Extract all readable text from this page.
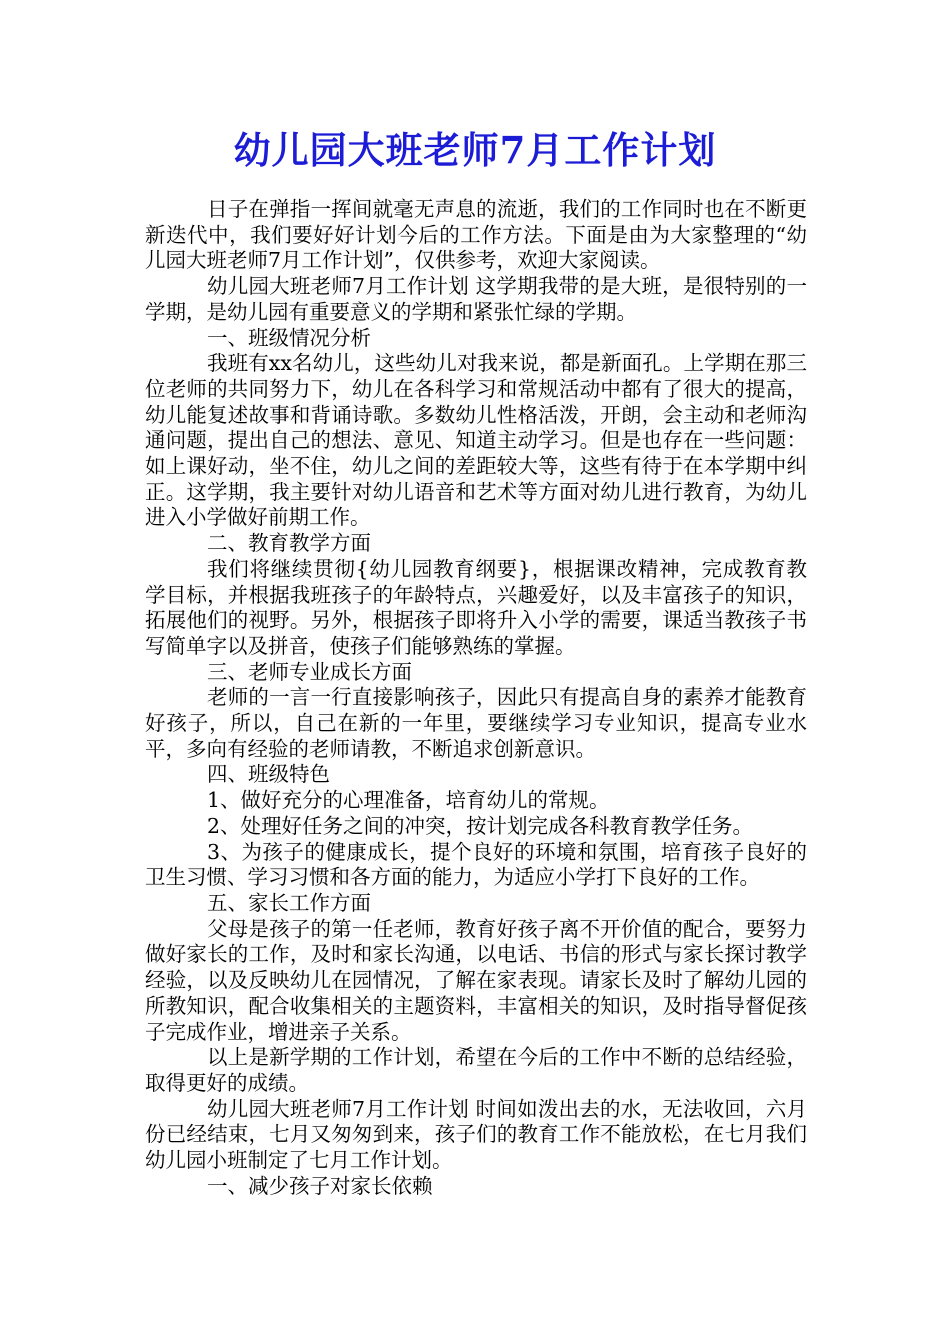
幼儿园大班老师7月工作计划

日子在弹指一挥间就毫无声息的流逝，我们的工作同时也在不断更新迭代中，我们要好好计划今后的工作方法。下面是由为大家整理的“幼儿园大班老师7月工作计划”，仅供参考，欢迎大家阅读。

幼儿园大班老师7月工作计划 这学期我带的是大班，是很特别的一学期，是幼儿园有重要意义的学期和紧张忙绿的学期。

一、班级情况分析

我班有xx名幼儿，这些幼儿对我来说，都是新面孔。上学期在那三位老师的共同努力下，幼儿在各科学习和常规活动中都有了很大的提高，幼儿能复述故事和背诵诗歌。多数幼儿性格活泼，开朗，会主动和老师沟通问题，提出自己的想法、意见、知道主动学习。但是也存在一些问题：如上课好动，坐不住，幼儿之间的差距较大等，这些有待于在本学期中纠正。这学期，我主要针对幼儿语音和艺术等方面对幼儿进行教育，为幼儿进入小学做好前期工作。

二、教育教学方面

我们将继续贯彻{幼儿园教育纲要}，根据课改精神，完成教育教学目标，并根据我班孩子的年龄特点，兴趣爱好，以及丰富孩子的知识，拓展他们的视野。另外，根据孩子即将升入小学的需要，课适当教孩子书写简单字以及拼音，使孩子们能够熟练的掌握。

三、老师专业成长方面

老师的一言一行直接影响孩子，因此只有提高自身的素养才能教育好孩子，所以，自己在新的一年里，要继续学习专业知识，提高专业水平，多向有经验的老师请教，不断追求创新意识。

四、班级特色

1、做好充分的心理准备，培育幼儿的常规。

2、处理好任务之间的冲突，按计划完成各科教育教学任务。

3、为孩子的健康成长，提个良好的环境和氛围，培育孩子良好的卫生习惯、学习习惯和各方面的能力，为适应小学打下良好的工作。

五、家长工作方面

父母是孩子的第一任老师，教育好孩子离不开价值的配合，要努力做好家长的工作，及时和家长沟通，以电话、书信的形式与家长探讨教学经验，以及反映幼儿在园情况，了解在家表现。请家长及时了解幼儿园的所教知识，配合收集相关的主题资料，丰富相关的知识，及时指导督促孩子完成作业，增进亲子关系。

以上是新学期的工作计划，希望在今后的工作中不断的总结经验，取得更好的成绩。

幼儿园大班老师7月工作计划 时间如泼出去的水，无法收回，六月份已经结束，七月又匆匆到来，孩子们的教育工作不能放松，在七月我们幼儿园小班制定了七月工作计划。

一、减少孩子对家长依赖
